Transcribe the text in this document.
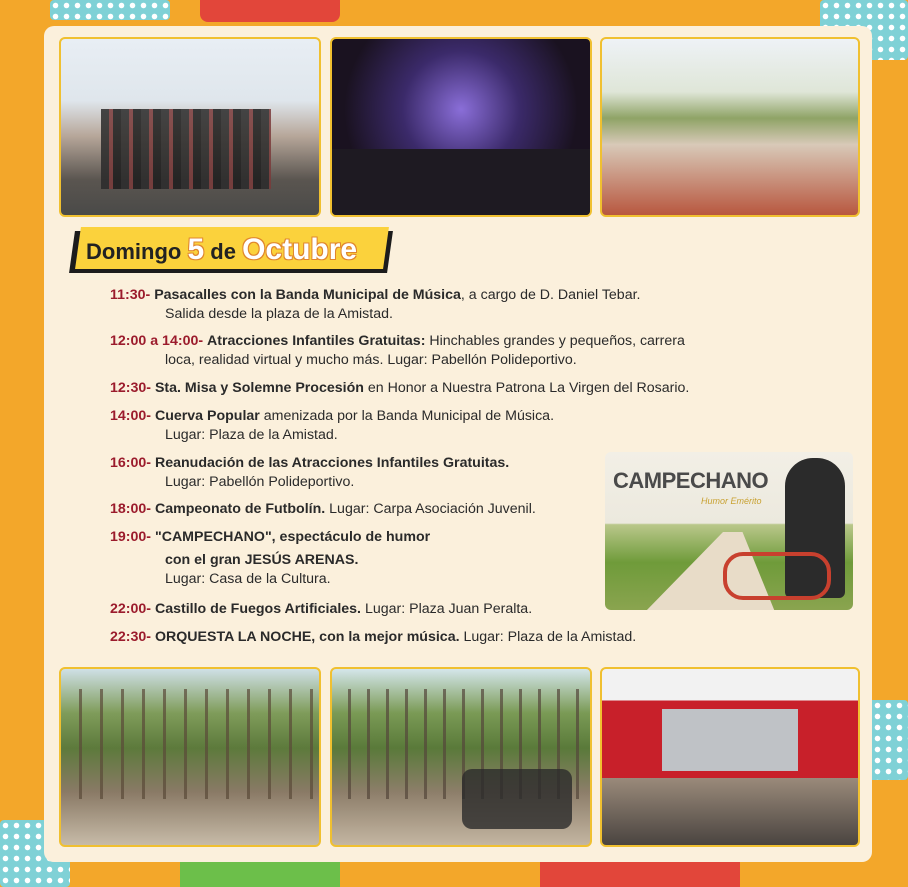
Domingo 5 de Octubre
11:30- Pasacalles con la Banda Municipal de Música, a cargo de D. Daniel Tebar.
Salida desde la plaza de la Amistad.
12:00 a 14:00- Atracciones Infantiles Gratuitas: Hinchables grandes y pequeños, carrera
loca, realidad virtual y mucho más. Lugar: Pabellón Polideportivo.
12:30- Sta. Misa y Solemne Procesión en Honor a Nuestra Patrona La Virgen del Rosario.
14:00- Cuerva Popular amenizada por la Banda Municipal de Música.
Lugar: Plaza de la Amistad.
16:00- Reanudación de las Atracciones Infantiles Gratuitas.
Lugar: Pabellón Polideportivo.
18:00- Campeonato de Futbolín. Lugar: Carpa Asociación Juvenil.
19:00- "CAMPECHANO", espectáculo de humor
con el gran JESÚS ARENAS.
Lugar: Casa de la Cultura.
22:00- Castillo de Fuegos Artificiales. Lugar: Plaza Juan Peralta.
22:30- ORQUESTA LA NOCHE, con la mejor música. Lugar: Plaza de la Amistad.
CAMPECHANO
Humor Emérito
